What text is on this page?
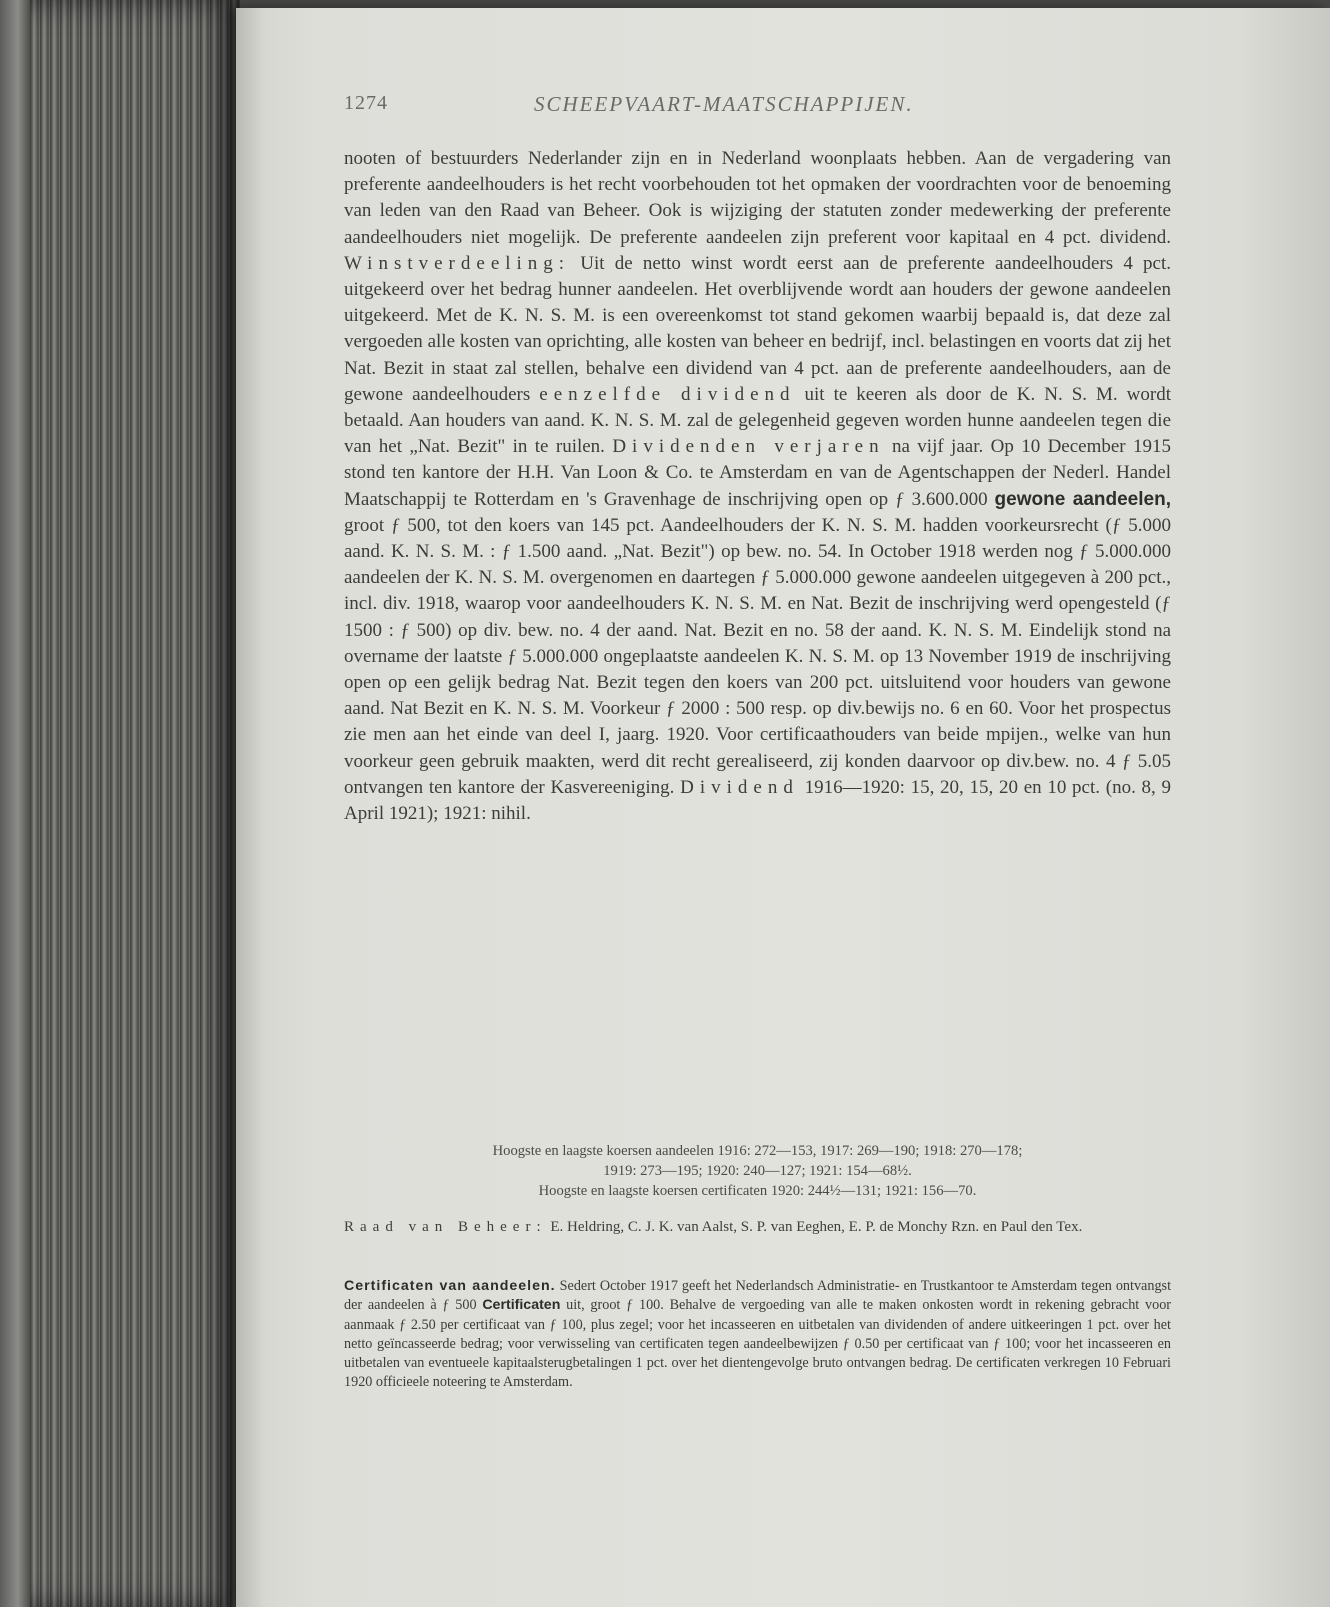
1274	SCHEEPVAART-MAATSCHAPPIJEN.

nooten of bestuurders Nederlander zijn en in Nederland woonplaats hebben. Aan de vergadering van preferente aandeelhouders is het recht voorbehouden tot het opmaken der voordrachten voor de benoeming van leden van den Raad van Beheer. Ook is wijziging der statuten zonder medewerking der preferente aandeelhouders niet mogelijk. De preferente aandeelen zijn preferent voor kapitaal en 4 pct. dividend. Winstverdeeling: Uit de netto winst wordt eerst aan de preferente aandeelhouders 4 pct. uitgekeerd over het bedrag hunner aandeelen. Het overblijvende wordt aan houders der gewone aandeelen uitgekeerd. Met de K. N. S. M. is een overeenkomst tot stand gekomen waarbij bepaald is, dat deze zal vergoeden alle kosten van oprichting, alle kosten van beheer en bedrijf, incl. belastingen en voorts dat zij het Nat. Bezit in staat zal stellen, behalve een dividend van 4 pct. aan de preferente aandeelhouders, aan de gewone aandeelhouders eenzelfde dividend uit te keeren als door de K. N. S. M. wordt betaald. Aan houders van aand. K. N. S. M. zal de gelegenheid gegeven worden hunne aandeelen tegen die van het „Nat. Bezit" in te ruilen. Dividenden verjaren na vijf jaar. Op 10 December 1915 stond ten kantore der H.H. Van Loon & Co. te Amsterdam en van de Agentschappen der Nederl. Handel Maatschappij te Rotterdam en 's Gravenhage de inschrijving open op ƒ 3.600.000 gewone aandeelen, groot ƒ 500, tot den koers van 145 pct. Aandeelhouders der K. N. S. M. hadden voorkeursrecht (ƒ 5.000 aand. K. N. S. M. : ƒ 1.500 aand. „Nat. Bezit") op bew. no. 54. In October 1918 werden nog ƒ 5.000.000 aandeelen der K. N. S. M. overgenomen en daartegen ƒ 5.000.000 gewone aandeelen uitgegeven à 200 pct., incl. div. 1918, waarop voor aandeelhouders K. N. S. M. en Nat. Bezit de inschrijving werd opengesteld (ƒ 1500 : ƒ 500) op div. bew. no. 4 der aand. Nat. Bezit en no. 58 der aand. K. N. S. M. Eindelijk stond na overname der laatste ƒ 5.000.000 ongeplaatste aandeelen K. N. S. M. op 13 November 1919 de inschrijving open op een gelijk bedrag Nat. Bezit tegen den koers van 200 pct. uitsluitend voor houders van gewone aand. Nat Bezit en K. N. S. M. Voorkeur ƒ 2000 : 500 resp. op div.bewijs no. 6 en 60. Voor het prospectus zie men aan het einde van deel I, jaarg. 1920. Voor certificaathouders van beide mpijen., welke van hun voorkeur geen gebruik maakten, werd dit recht gerealiseerd, zij konden daarvoor op div.bew. no. 4 ƒ 5.05 ontvangen ten kantore der Kasvereeniging. Dividend 1916—1920: 15, 20, 15, 20 en 10 pct. (no. 8, 9 April 1921); 1921: nihil.

Hoogste en laagste koersen aandeelen 1916: 272—153, 1917: 269—190; 1918: 270—178;

1919: 273—195; 1920: 240—127; 1921: 154—68½.

Hoogste en laagste koersen certificaten 1920: 244½—131; 1921: 156—70.

Raad van Beheer: E. Heldring, C. J. K. van Aalst, S. P. van Eeghen, E. P. de Monchy Rzn. en Paul den Tex.

Certificaten van aandeelen. Sedert October 1917 geeft het Nederlandsch Administratie- en Trustkantoor te Amsterdam tegen ontvangst der aandeelen à ƒ 500 Certificaten uit, groot ƒ 100. Behalve de vergoeding van alle te maken onkosten wordt in rekening gebracht voor aanmaak ƒ 2.50 per certificaat van ƒ 100, plus zegel; voor het incasseeren en uitbetalen van dividenden of andere uitkeeringen 1 pct. over het netto geïncasseerde bedrag; voor verwisseling van certificaten tegen aandeelbewijzen ƒ 0.50 per certificaat van ƒ 100; voor het incasseeren en uitbetalen van eventueele kapitaalsterugbetalingen 1 pct. over het dientengevolge bruto ontvangen bedrag. De certificaten verkregen 10 Februari 1920 officieele noteering te Amsterdam.
